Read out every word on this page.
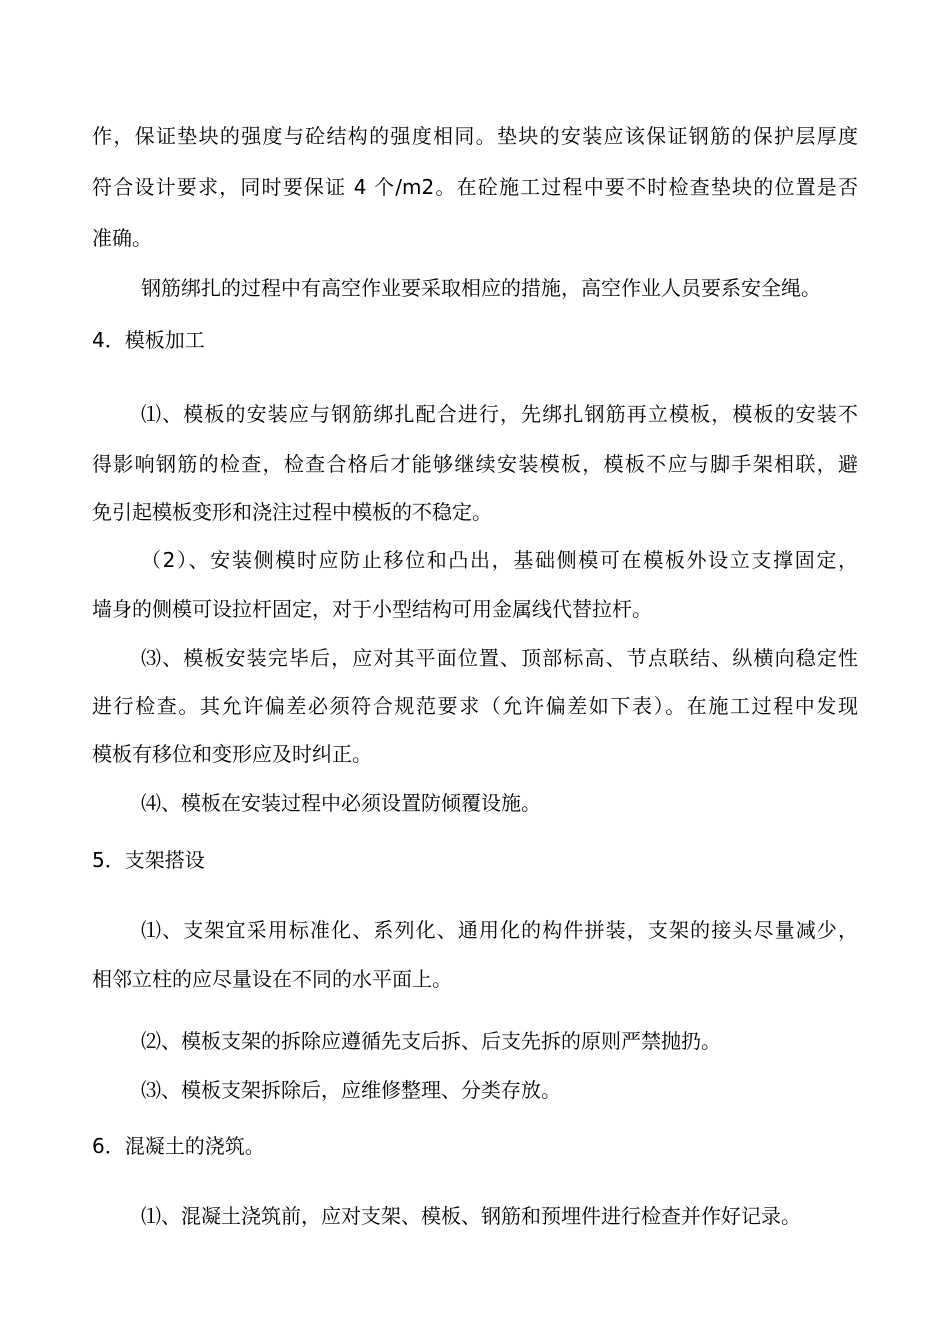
作，保证垫块的强度与砼结构的强度相同。垫块的安装应该保证钢筋的保护层厚度

符合设计要求，同时要保证 4 个/m2。在砼施工过程中要不时检查垫块的位置是否

准确。

钢筋绑扎的过程中有高空作业要采取相应的措施，高空作业人员要系安全绳。

4．模板加工

⑴、模板的安装应与钢筋绑扎配合进行，先绑扎钢筋再立模板，模板的安装不

得影响钢筋的检查，检查合格后才能够继续安装模板，模板不应与脚手架相联，避

免引起模板变形和浇注过程中模板的不稳定。

（2）、安装侧模时应防止移位和凸出，基础侧模可在模板外设立支撑固定，

墙身的侧模可设拉杆固定，对于小型结构可用金属线代替拉杆。

⑶、模板安装完毕后，应对其平面位置、顶部标高、节点联结、纵横向稳定性

进行检查。其允许偏差必须符合规范要求（允许偏差如下表）。在施工过程中发现

模板有移位和变形应及时纠正。

⑷、模板在安装过程中必须设置防倾覆设施。

5．支架搭设

⑴、支架宜采用标准化、系列化、通用化的构件拼装，支架的接头尽量减少，

相邻立柱的应尽量设在不同的水平面上。

⑵、模板支架的拆除应遵循先支后拆、后支先拆的原则严禁抛扔。

⑶、模板支架拆除后，应维修整理、分类存放。

6．混凝土的浇筑。

⑴、混凝土浇筑前，应对支架、模板、钢筋和预埋件进行检查并作好记录。
